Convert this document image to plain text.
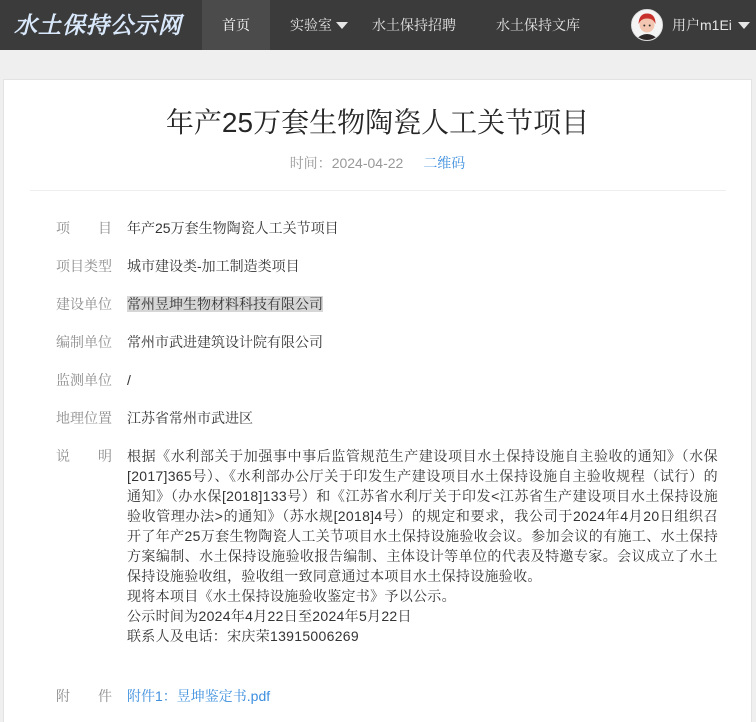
水土保持公示网	首页	实验室	水土保持招聘	水土保持文库	用户m1Ei
年产25万套生物陶瓷人工关节项目
时间：2024-04-22 二维码
项目 年产25万套生物陶瓷人工关节项目
项目类型 城市建设类-加工制造类项目
建设单位 常州昱坤生物材料科技有限公司
编制单位 常州市武进建筑设计院有限公司
监测单位 /
地理位置 江苏省常州市武进区
说明 根据《水利部关于加强事中事后监管规范生产建设项目水土保持设施自主验收的通知》（水保[2017]365号）、《水利部办公厅关于印发生产建设项目水土保持设施自主验收规程（试行）的通知》（办水保[2018]133号）和《江苏省水利厅关于印发<江苏省生产建设项目水土保持设施验收管理办法>的通知》（苏水规[2018]4号）的规定和要求，我公司于2024年4月20日组织召开了年产25万套生物陶瓷人工关节项目水土保持设施验收会议。参加会议的有施工、水土保持方案编制、水土保持设施验收报告编制、主体设计等单位的代表及特邀专家。会议成立了水土保持设施验收组，验收组一致同意通过本项目水土保持设施验收。

现将本项目《水土保持设施验收鉴定书》予以公示。

公示时间为2024年4月22日至2024年5月22日

联系人及电话：宋庆荣13915006269

附件 附件1：昱坤鉴定书.pdf
